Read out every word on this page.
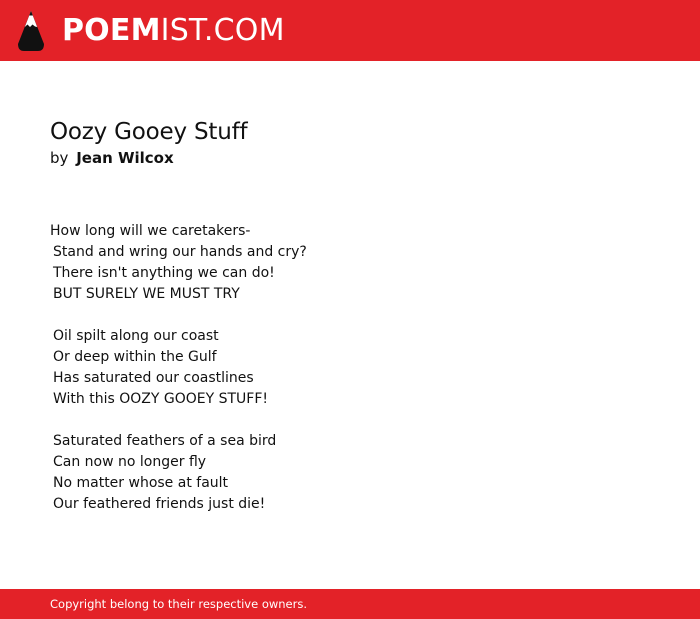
POEM IST.COM
Oozy Gooey Stuff
by Jean Wilcox
How long will we caretakers-
Stand and wring our hands and cry?
There isn't anything we can do!
BUT SURELY WE MUST TRY
Oil spilt along our coast
Or deep within the Gulf
Has saturated our coastlines
With this OOZY GOOEY STUFF!
Saturated feathers of a sea bird
Can now no longer fly
No matter whose at fault
Our feathered friends just die!
Copyright belong to their respective owners.
